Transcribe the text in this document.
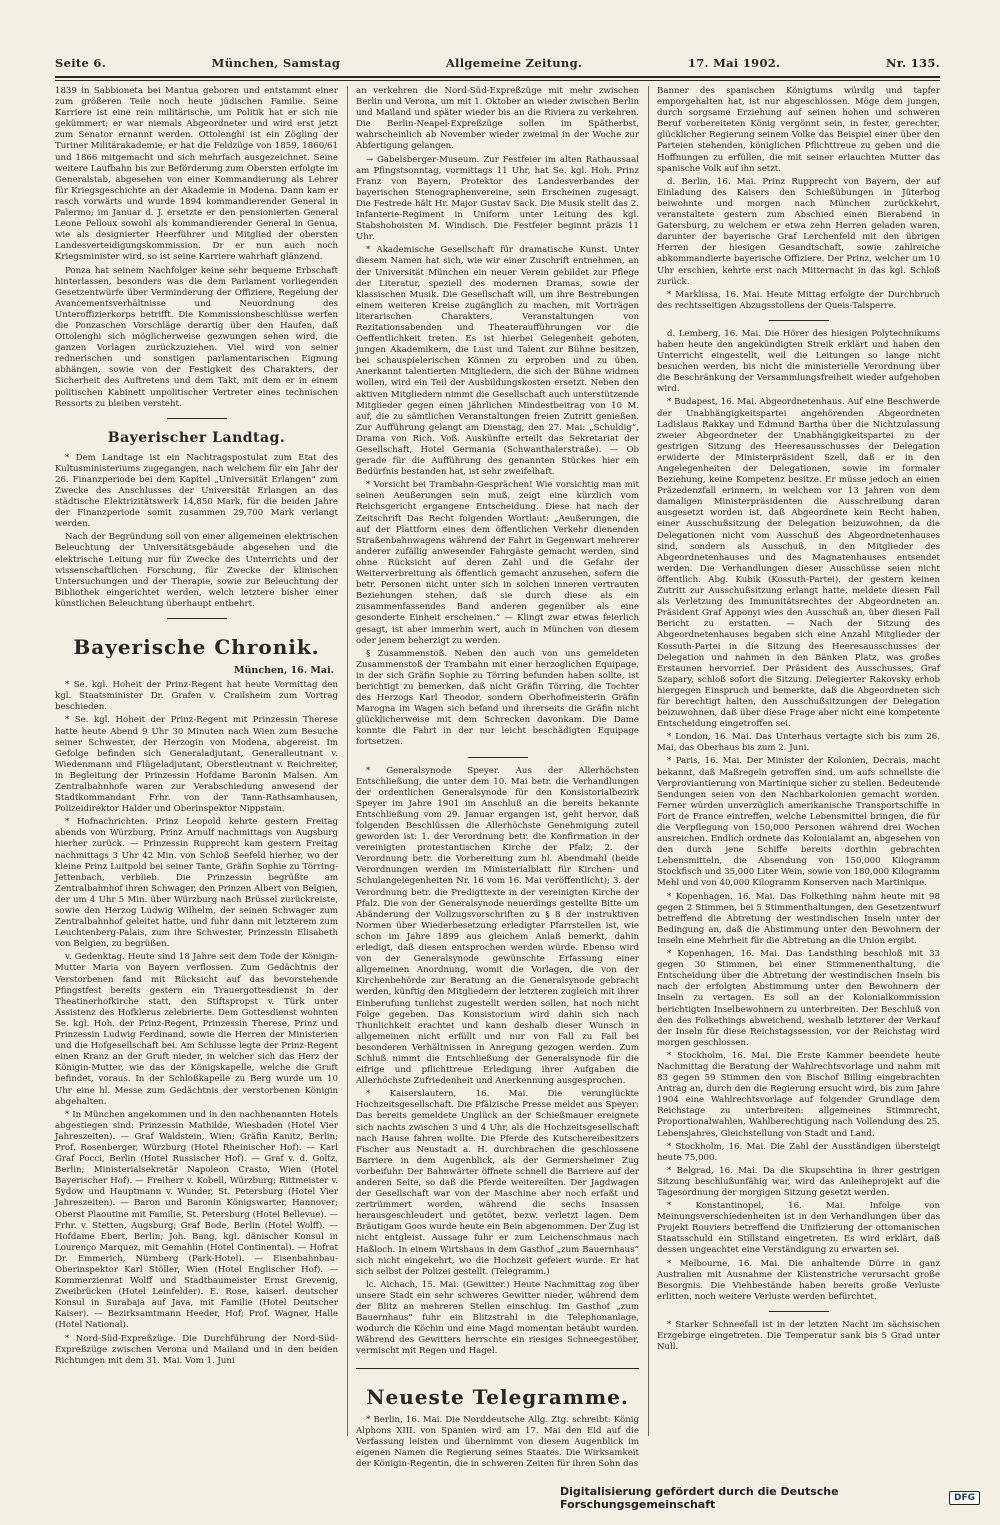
Seite 6.	München, Samstag	Allgemeine Zeitung.	17. Mai 1902.	Nr. 135.
1839 in Sabbioneta bei Mantua geboren und entstammt einer zum größeren Teile noch heute jüdischen Familie. Seine Karriere ist eine rein militärische, um Politik hat er sich nie gekümmert; er war niemals Abgeordneter und wird erst jetzt zum Senator ernannt werden. Ottolenghi ist ein Zögling der Turiner Militärakademie; er hat die Feldzüge von 1859, 1860/61 und 1866 mitgemacht und sich mehrfach ausgezeichnet. Seine weitere Laufbahn bis zur Beförderung zum Obersten erfolgte im Generalstab, abgesehen von einer Kommandierung als Lehrer für Kriegsgeschichte an der Akademie in Modena. Dann kam er rasch vorwärts und wurde 1894 kommandierender General in Palermo; im Januar d. J. ersetzte er den pensionierten General Leone Pelloux sowohl als kommandierender General in Genua, wie als designierter Heerführer und Mitglied der obersten Landesverteidigungskommission. Dr er nun auch noch Kriegsminister wird, so ist seine Karriere wahrhaft glänzend.
Ponza hat seinem Nachfolger keine sehr bequeme Erbschaft hinterlassen, besonders was die dem Parlament vorliegenden Gesetzentwürfe über Verminderung der Offiziere, Regelung der Avancementsverhältnisse und Neuordnung des Unteroffizierkorps betrifft. Die Kommissionsbeschlüsse werfen die Ponzaschen Vorschläge derartig über den Haufen, daß Ottolenghi sich möglicherweise gezwungen sehen wird, die ganzen Vorlagen zurückzuziehen. Viel wird von seiner rednerischen und sonstigen parlamentarischen Eignung abhängen, sowie von der Festigkeit des Charakters, der Sicherheit des Auftretens und dem Takt, mit dem er in einem politischen Kabinett unpolitischer Vertreter eines technischen Ressorts zu bleiben versteht.
Bayerischer Landtag.
* Dem Landtage ist ein Nachtragspostulat zum Etat des Kultusministeriums zugegangen, nach welchem für ein Jahr der 26. Finanzperiode bei dem Kapitel „Universität Erlangen“ zum Zwecke des Anschlusses der Universität Erlangen an das städtische Elektrizitätswerk 14,850 Mark, für die beiden Jahre der Finanzperiode somit zusammen 29,700 Mark verlangt werden.
Nach der Begründung soll von einer allgemeinen elektrischen Beleuchtung der Universitätsgebäude abgesehen und die elektrische Leitung nur für Zwecke des Unterrichts und der wissenschaftlichen Forschung, für Zwecke der klinischen Untersuchungen und der Therapie, sowie zur Beleuchtung der Bibliothek eingerichtet werden, welch letztere bisher einer künstlichen Beleuchtung überhaupt entbehrt.
Bayerische Chronik.
München, 16. Mai.
* Se. kgl. Hoheit der Prinz-Regent hat heute Vormittag den kgl. Staatsminister Dr. Grafen v. Crailsheim zum Vortrag beschieden.
* Se. kgl. Hoheit der Prinz-Regent mit Prinzessin Therese hatte heute Abend 9 Uhr 30 Minuten nach Wien zum Besuche seiner Schwester, der Herzogin von Modena, abgereist. Im Gefolge befinden sich Generaladjutant, Generalleutnant v. Wiedenmann und Flügeladjutant, Oberstleutnant v. Reichreiter, in Begleitung der Prinzessin Hofdame Baronin Malsen. Am Zentralbahnhofe waren zur Verabschiedung anwesend der Stadtkommandant Frhr. von der Tann-Rathsamhausen, Polizeidirektor Halder und Oberinspektor Nippstain.
* Hofnachrichten. Prinz Leopold kehrte gestern Freitag abends von Würzburg, Prinz Arnulf nachmittags von Augsburg hierher zurück. — Prinzessin Rupprecht kam gestern Freitag nachmittags 3 Uhr 42 Min. von Schloß Seefeld hierher, wo der kleine Prinz Luitpold bei seiner Tante, Gräfin Sophie zu Törring-Jettenbach, verblieb. Die Prinzessin begrüßte am Zentralbahnhof ihren Schwager, den Prinzen Albert von Belgien, der um 4 Uhr 5 Min. über Würzburg nach Brüssel zurückreiste, sowie den Herzog Ludwig Wilhelm, der seinen Schwager zum Zentralbahnhof geleitet hatte, und fuhr dann mit letzterem zum Leuchtenberg-Palais, zum ihre Schwester, Prinzessin Elisabeth von Belgien, zu begrüßen.
v. Gedenktag. Heute sind 18 Jahre seit dem Tode der Königin-Mutter Maria von Bayern verflossen. Zum Gedächtnis der Verstorbenen fand mit Rücksicht auf das bevorstehende Pfingstfest bereits gestern ein Trauergottesdienst in der Theatinerhofkirche statt, den Stiftspropst v. Türk unter Assistenz des Hofklerus zelebrierte. Dem Gottesdienst wohnten Se. kgl. Hoh. der Prinz-Regent, Prinzessin Therese, Prinz und Prinzessin Ludwig Ferdinand, sowie die Herren der Ministerien und die Hofgesellschaft bei. Am Schlusse legte der Prinz-Regent einen Kranz an der Gruft nieder, in welcher sich das Herz der Königin-Mutter, wie das der Königskapelle, welche die Gruft befindet, voraus. In der Schloßkapelle zu Berg wurde um 10 Uhr eine hl. Messe zum Gedächtnis der verstorbenen Königin abgehalten.
* In München angekommen und in den nachbenannten Hotels abgestiegen sind: Prinzessin Mathilde, Wiesbaden (Hotel Vier Jahreszeiten). — Graf Waldstein, Wien; Gräfin Kanitz, Berlin; Prof. Rosenberger, Würzburg (Hotel Rheinischer Hof). — Karl Graf Pocci, Berlin (Hotel Russischer Hof). — Graf v. d. Goltz, Berlin; Ministerialsekretär Napoleon Crasto, Wien (Hotel Bayerischer Hof). — Freiherr v. Kobell, Würzburg; Rittmeister v. Sydow und Hauptmann v. Wunder, St. Petersburg (Hotel Vier Jahreszeiten). — Baron und Baronin Königswarter, Hannover; Oberst Plaoutine mit Familie, St. Petersburg (Hotel Bellevue). — Frhr. v. Stetten, Augsburg; Graf Bode, Berlin (Hotel Wolff). — Hofdame Ebert, Berlin; Joh. Bang, kgl. dänischer Konsul in Lourenço Marquez, mit Gemahlin (Hotel Continental). — Hofrat Dr. Emmerich, Nürnberg (Park-Hotel). — Eisenbahnbau-Oberinspektor Karl Stöller, Wien (Hotel Englischer Hof). — Kommerzienrat Wolff und Stadtbaumeister Ernst Grevenig, Zweibrücken (Hotel Leinfelder). E. Rose, kaiserl. deutscher Konsul in Surabaja auf Java, mit Familie (Hotel Deutscher Kaiser). — Bezirksamtmann Heeder, Hof; Prof. Wagner, Halle (Hotel National).
* Nord-Süd-Expreßzüge. Die Durchführung der Nord-Süd-Expreßzüge zwischen Verona und Mailand und in den beiden Richtungen mit dem 31. Mai. Vom 1. Juni
an verkehren die Nord-Süd-Expreßzüge mit mehr zwischen Berlin und Verona, um mit 1. Oktober an wieder zwischen Berlin und Mailand und später wieder bis an die Riviera zu verkehren. Die Berlin-Neapel-Expreßzüge sollen im Spätherbst, wahrscheinlich ab November wieder zweimal in der Woche zur Abfertigung gelangen.
→ Gabelsberger-Museum. Zur Festfeier im alten Rathaussaal am Pfingstsonntag, vormittags 11 Uhr, hat Se. kgl. Hoh. Prinz Franz von Bayern, Protektor des Landesverbandes der bayerischen Stenographenvereine, sein Erscheinen zugesagt. Die Festrede hält Hr. Major Gustav Sack. Die Musik stellt das 2. Infanterie-Regiment in Uniform unter Leitung des kgl. Stabshoboisten M. Windisch. Die Festfeier beginnt präzis 11 Uhr.
* Akademische Gesellschaft für dramatische Kunst. Unter diesem Namen hat sich, wie wir einer Zuschrift entnehmen, an der Universität München ein neuer Verein gebildet zur Pflege der Literatur, speziell des modernen Dramas, sowie der klassischen Musik. Die Gesellschaft will, um ihre Bestrebungen einem weiteren Kreise zugänglich zu machen, mit Vorträgen literarischen Charakters, Veranstaltungen von Rezitationsabenden und Theateraufführungen vor die Oeffentlichkeit treten. Es ist hierbei Gelegenheit geboten, jungen Akademikern, die Lust und Talent zur Bühne besitzen, bei schauspielerischen Können zu erproben und zu üben. Anerkannt talentierten Mitgliedern, die sich der Bühne widmen wollen, wird ein Teil der Ausbildungskosten ersetzt. Neben den aktiven Mitgliedern nimmt die Gesellschaft auch unterstützende Mitglieder gegen einen jährlichen Mindestbeitrag von 10 M. auf, die zu sämtlichen Veranstaltungen freien Zutritt genießen. Zur Aufführung gelangt am Dienstag, den 27. Mai: „Schuldig“, Drama von Rich. Voß. Auskünfte erteilt das Sekretariat der Gesellschaft, Hotel Germania (Schwanthalerstraße). — Ob gerade für die Aufführung des genannten Stückes hier ein Bedürfnis bestanden hat, ist sehr zweifelhaft.
* Vorsicht bei Trambahn-Gesprächen! Wie vorsichtig man mit seinen Aeußerungen sein muß, zeigt eine kürzlich vom Reichsgericht ergangene Entscheidung. Diese hat nach der Zeitschrift Das Recht folgenden Wortlaut: „Aeußerungen, die auf der Plattform eines dem öffentlichen Verkehr dienenden Straßenbahnwagens während der Fahrt in Gegenwart mehrerer anderer zufällig anwesender Fahrgäste gemacht werden, sind ohne Rücksicht auf deren Zahl und die Gefahr der Weiterverbreitung als öffentlich gemacht anzusehen, sofern die betr. Personen nicht unter sich in solchen inneren vertrauten Beziehungen stehen, daß sie durch diese als ein zusammenfassendes Band anderen gegenüber als eine gesonderte Einheit erscheinen.“ — Klingt zwar etwas feierlich gesagt, ist aber immerhin wert, auch in München von diesem oder jenem beherzigt zu werden.
§ Zusammenstoß. Neben den auch von uns gemeldeten Zusammenstoß der Trambahn mit einer herzoglichen Equipage, in der sich Gräfin Sophie zu Törring befunden haben sollte, ist berichtigt zu bemerken, daß nicht Gräfin Törring, die Tochter des Herzogs Karl Theodor, sondern Oberhofmeisterin Gräfin Marogna im Wagen sich befand und ihrerseits die Gräfin nicht glücklicherweise mit dem Schrecken davonkam. Die Dame konnte die Fahrt in der nur leicht beschädigten Equipage fortsetzen.
* Generalsynode Speyer. Aus der Allerhöchsten Entschließung, die unter dem 10. Mai betr. die Verhandlungen der ordentlichen Generalsynode für den Konsistorialbezirk Speyer im Jahre 1901 im Anschluß an die bereits bekannte Entschließung vom 29. Januar ergangen ist, geht hervor, daß folgenden Beschlüssen die Allerhöchste Genehmigung zuteil geworden ist: 1. der Verordnung betr. die Konfirmation in der vereinigten protestantischen Kirche der Pfalz; 2. der Verordnung betr. die Vorbereitung zum hl. Abendmahl (beide Verordnungen werden im Ministerialblatt für Kirchen- und Schulangelegenheiten Nr. 16 vom 16. Mai veröffentlicht); 3. der Verordnung betr. die Predigttexte in der vereinigten Kirche der Pfalz. Die von der Generalsynode neuerdings gestellte Bitte um Abänderung der Vollzugsvorschriften zu § 8 der instruktiven Normen über Wiederbesetzung erledigter Pfarrstellen ist, wie schon im Jahre 1899 aus gleichem Anlaß bemerkt, dahin erledigt, daß diesen entsprochen werden würde. Ebenso wird von der Generalsynode gewünschte Erfassung einer allgemeinen Anordnung, womit die Vorlagen, die von der Kirchenbehörde zur Beratung an die Generalsynode gebracht werden, künftig den Mitgliedern der letzteren zugleich mit ihrer Einberufung tunlichst zugestellt werden sollen, hat noch nicht Folge gegeben. Das Konsistorium wird dahin sich nach Thunlichkeit erachtet und kann deshalb dieser Wunsch in allgemeinen nicht erfüllt und nur von Fall zu Fall bei besonderen Verhältnissen in Anregung gezogen werden. Zum Schluß nimmt die Entschließung der Generalsynode für die eifrige und pflichttreue Erledigung ihrer Aufgaben die Allerhöchste Zufriedenheit und Anerkennung ausgesprochen.
* Kaiserslautern, 16. Mai. Die verunglückte Hochzeitsgesellschaft. Die Pfälzische Presse meldet aus Speyer: Das bereits gemeldete Unglück an der Schießmauer ereignete sich nachts zwischen 3 und 4 Uhr, als die Hochzeitsgesellschaft nach Hause fahren wollte. Die Pferde des Kutschereibesitzers Fischer aus Neustadt a. H. durchbrachen die geschlossene Barriere in dem Augenblick, als der Germersheimer Zug vorbeifuhr. Der Bahnwärter öffnete schnell die Barriere auf der anderen Seite, so daß die Pferde weitereilten. Der Jagdwagen der Gesellschaft war von der Maschine aber noch erfaßt und zertrümmert worden, während die sechs Insassen herausgeschleudert und getötet, bezw. verletzt lagen. Dem Bräutigam Goos wurde heute ein Bein abgenommen. Der Zug ist nicht entgleist. Aussage fuhr er zum Leichenschmaus nach Haßloch. In einem Wirtshaus in dem Gasthof „zum Bauernhaus“ sich nicht eingekehrt, wo die Hochzeit gefeiert wurde. Er hat sich selbst der Polizei gestellt. (Telegramm.)
lc. Aichach, 15. Mai. (Gewitter.) Heute Nachmittag zog über unsere Stadt ein sehr schweres Gewitter nieder, während dem der Blitz an mehreren Stellen einschlug. Im Gasthof „zum Bauernhaus“ fuhr ein Blitzstrahl in die Telephonanlage, wodurch die Köchin und eine Magd momentan betäubt wurden. Während des Gewitters herrschte ein riesiges Schneegestöber, vermischt mit Regen und Hagel.
Neueste Telegramme.
* Berlin, 16. Mai. Die Norddeutsche Allg. Ztg. schreibt: König Alphons XIII. von Spanien wird am 17. Mai den Eid auf die Verfassung leisten und übernimmt von diesem Augenblick im eigenen Namen die Regierung seines Staates. Die Wirksamkeit der Königin-Regentin, die in schweren Zeiten für ihren Sohn das
Banner des spanischen Königtums würdig und tapfer emporgehalten hat, ist nur abgeschlossen. Möge dem jungen, durch sorgsame Erziehung auf seinen hohen und schweren Beruf vorbereiteten König vergönnt sein, in fester, gerechter, glücklicher Regierung seinem Volke das Beispiel einer über den Parteien stehenden, königlichen Pflichttreue zu geben und die Hoffnungen zu erfüllen, die mit seiner erlauchten Mutter das spanische Volk auf ihn setzt.
d. Berlin, 16. Mai. Prinz Rupprecht von Bayern, der auf Einladung des Kaisers den Schießübungen in Jüterbog beiwohnte und morgen nach München zurückkehrt, veranstaltete gestern zum Abschied einen Bierabend in Gatersburg, zu welchem er etwa zehn Herren geladen waren, darunter der bayerische Graf Lerchenfeld mit den übrigen Herren der hiesigen Gesandtschaft, sowie zahlreiche abkommandierte bayerische Offiziere. Der Prinz, welcher um 10 Uhr erschien, kehrte erst nach Mitternacht in das kgl. Schloß zurück.
* Marklissa, 16. Mai. Heute Mittag erfolgte der Durchbruch des rechtsseitigen Abzugsstollens der Queis-Talsperre.
d. Lemberg, 16. Mai. Die Hörer des hiesigen Polytechnikums haben heute den angekündigten Streik erklärt und haben den Unterricht eingestellt, weil die Leitungen so lange nicht besuchen werden, bis nicht die ministerielle Verordnung über die Beschränkung der Versammlungsfreiheit wieder aufgehoben wird.
* Budapest, 16. Mai. Abgeordnetenhaus. Auf eine Beschwerde der Unabhängigkeitspartei angehörenden Abgeordneten Ladislaus Rakkay und Edmund Bartha über die Nichtzulassung zweier Abgeordneter der Unabhängigkeitspartei zu der gestrigen Sitzung des Heeresausschusses der Delegation erwiderte der Ministerpräsident Szell, daß er in den Angelegenheiten der Delegationen, sowie im formaler Beziehung, keine Kompetenz besitze. Er müsse jedoch an einen Präzedenzfall erinnern, in welchem vor 13 Jahren von dem damaligen Ministerpräsidenten die Ausschreibung daran ausgesetzt worden ist, daß Abgeordnete kein Recht haben, einer Ausschußsitzung der Delegation beizuwohnen, da die Delegationen nicht vom Ausschuß des Abgeordnetenhauses sind, sondern als Ausschuß, in den Mitglieder des Abgeordnetenhauses und des Magnatenhauses entsendet werden. Die Verhandlungen dieser Ausschüsse seien nicht öffentlich. Abg. Kubik (Kossuth-Partei), der gestern keinen Zutritt zur Ausschußsitzung erlangt hatte, meldete diesen Fall als Verletzung des Immunitätsrechtes der Abgeordneten an. Präsident Graf Apponyi wies den Ausschuß an, über diesen Fall Bericht zu erstatten. — Nach der Sitzung des Abgeordnetenhauses begaben sich eine Anzahl Mitglieder der Kossuth-Partei in die Sitzung des Heeresausschusses der Delegation und nahmen in den Bänken Platz, was großes Erstaunen hervorrief. Der Präsident des Ausschusses, Graf Szapary, schloß sofort die Sitzung. Delegierter Rakovsky erhob hiergegen Einspruch und bemerkte, daß die Abgeordneten sich für berechtigt halten, den Ausschußsitzungen der Delegation beizuwohnen, daß über diese Frage aber nicht eine kompetente Entscheidung eingetroffen sei.
* London, 16. Mai. Das Unterhaus vertagte sich bis zum 26. Mai, das Oberhaus bis zum 2. Juni.
* Paris, 16. Mai. Der Minister der Kolonien, Decrais, macht bekannt, daß Maßregeln getroffen sind, um aufs schnellste die Verproviantierung von Martinique sicher zu stellen. Bedeutende Sendungen seien von den Nachbarkolonien gemacht worden. Ferner würden unverzüglich amerikanische Transportschiffe in Fort de France eintreffen, welche Lebensmittel bringen, die für die Verpflegung von 150,000 Personen während drei Wochen ausreichen. Endlich ordnete das Kolonialamt an, abgesehen von den durch jene Schiffe bereits dorthin gebrachten Lebensmitteln, die Absendung von 150,000 Kilogramm Stockfisch und 35,000 Liter Wein, sowie von 180,000 Kilogramm Mehl und von 40,000 Kilogramm Konserven nach Martinique.
* Kopenhagen, 16. Mai. Das Folkething nahm heute mit 98 gegen 2 Stimmen, bei 5 Stimmenthaltungen, den Gesetzentwurf betreffend die Abtretung der westindischen Inseln unter der Bedingung an, daß die Abstimmung unter den Bewohnern der Inseln eine Mehrheit für die Abtretung an die Union ergibt.
* Kopenhagen, 16. Mai. Das Landsthing beschloß mit 33 gegen 30 Stimmen, bei einer Stimmenenthaltung, die Entscheidung über die Abtretung der westindischen Inseln bis nach der erfolgten Abstimmung unter den Bewohnern der Inseln zu vertagen. Es soll an der Kolonialkommission berichtigten Inselbewohnern zu unterbreiten. Der Beschluß von den des Folkethings abweichend, weshalb letzterer der Verkauf der Inseln für diese Reichstagssession, vor der Reichstag wird morgen geschlossen.
* Stockholm, 16. Mai. Die Erste Kammer beendete heute Nachmittag die Beratung der Wahlrechtsvorlage und nahm mit 83 gegen 59 Stimmen den von Bischof Billing eingebrachten Antrag an, durch den die Regierung ersucht wird, bis zum Jahre 1904 eine Wahlrechtsvorlage auf folgender Grundlage dem Reichstage zu unterbreiten: allgemeines Stimmrecht, Proportionalwahlen, Wahlberechtigung nach Vollendung des 25. Lebensjahres, Gleichstellung von Stadt und Land.
* Stockholm, 16. Mai. Die Zahl der Ausständigen übersteigt heute 75,000.
* Belgrad, 16. Mai. Da die Skupschtina in ihrer gestrigen Sitzung beschlußunfähig war, wird das Anleiheprojekt auf die Tagesordnung der morgigen Sitzung gesetzt werden.
* Konstantinopel, 16. Mai. Infolge von Meinungsverschiedenheiten ist in den Verhandlungen über das Projekt Rouviers betreffend die Unifizierung der ottomanischen Staatsschuld ein Stillstand eingetreten. Es wird erklärt, daß dessen ungeachtet eine Verständigung zu erwarten sei.
* Melbourne, 16. Mai. Die anhaltende Dürre in ganz Australien mit Ausnahme der Küstenstriche verursacht große Besorgnis. Die Viehbestände haben bereits große Verluste erlitten, noch weitere Verluste werden befürchtet.
* Starker Schneefall ist in der letzten Nacht im sächsischen Erzgebirge eingetreten. Die Temperatur sank bis 5 Grad unter Null.
Digitalisierung gefördert durch die Deutsche Forschungsgemeinschaft	DFG
